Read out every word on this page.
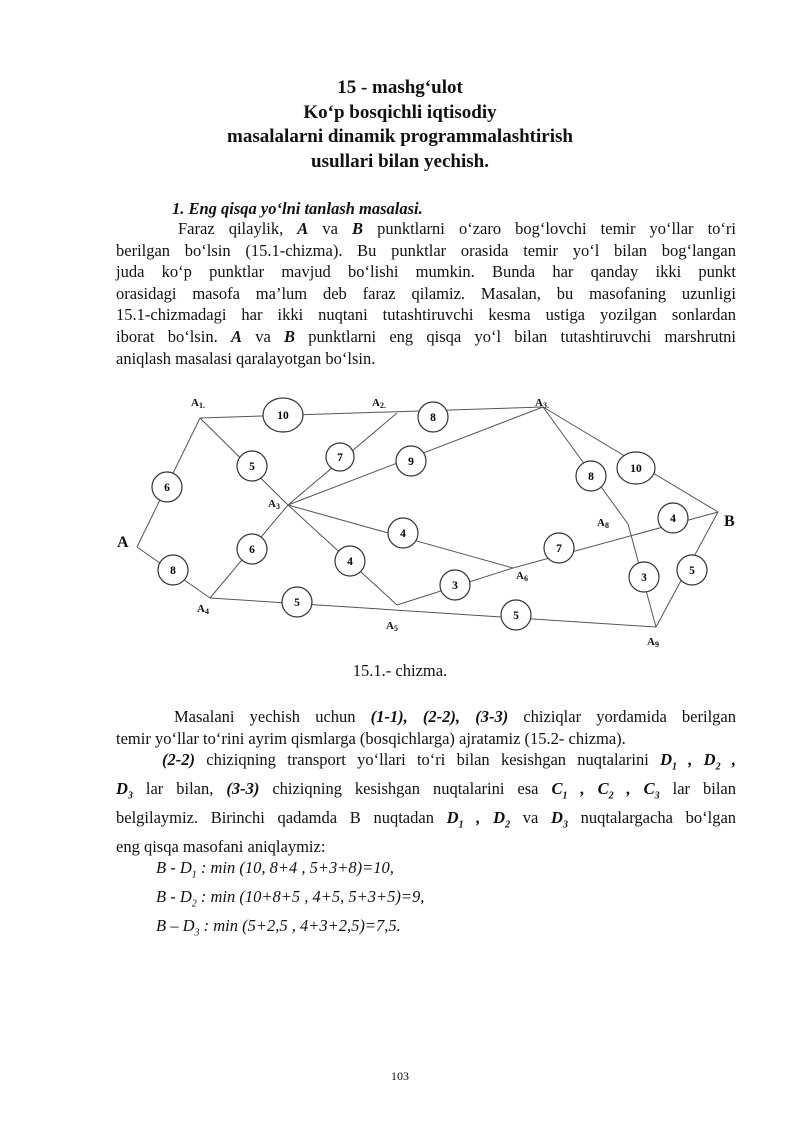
15 - mashg‘ulot
Ko‘p bosqichli iqtisodiy
masalalarni dinamik programmalashtirish
usullari bilan yechish.
1. Eng qisqa yo‘lni tanlash masalasi.
Faraz qilaylik, A va B punktlarni o‘zaro bog‘lovchi temir yo‘llar to‘ri
berilgan bo‘lsin (15.1-chizma). Bu punktlar orasida temir yo‘l bilan bog‘langan
juda ko‘p punktlar mavjud bo‘lishi mumkin. Bunda har qanday ikki punkt
orasidagi masofa ma’lum deb faraz qilamiz. Masalan, bu masofaning uzunligi
15.1-chizmadagi har ikki nuqtani tutashtiruvchi kesma ustiga yozilgan sonlardan
iborat bo‘lsin. A va B punktlarni eng qisqa yo‘l bilan tutashtiruvchi marshrutni
aniqlash masalasi qaralayotgan bo‘lsin.
10	8
5
7	9
6
8
6
4
4
3
5
5
7
8
10
4
3
5
A
B
A1.	A2.	A3.
A3
A4
A5
A6
A8
A9
15.1.- chizma.
Masalani yechish uchun (1-1), (2-2), (3-3) chiziqlar yordamida berilgan
temir yo‘llar to‘rini ayrim qismlarga (bosqichlarga) ajratamiz (15.2- chizma).
(2-2) chiziqning transport yo‘llari to‘ri bilan kesishgan nuqtalarini $D_1$ , $D_2$ ,
$D_3$ lar bilan, (3-3) chiziqning kesishgan nuqtalarini esa $C_1$ , $C_2$ , $C_3$ lar bilan
belgilaymiz. Birinchi qadamda B nuqtadan $D_1$ , $D_2$ va $D_3$ nuqtalargacha bo‘lgan
eng qisqa masofani aniqlaymiz:
B - $D_1$ : min (10, 8+4 , 5+3+8)=10,
B - $D_2$ : min (10+8+5 , 4+5, 5+3+5)=9,
B – $D_3$ : min (5+2,5 , 4+3+2,5)=7,5.
103
